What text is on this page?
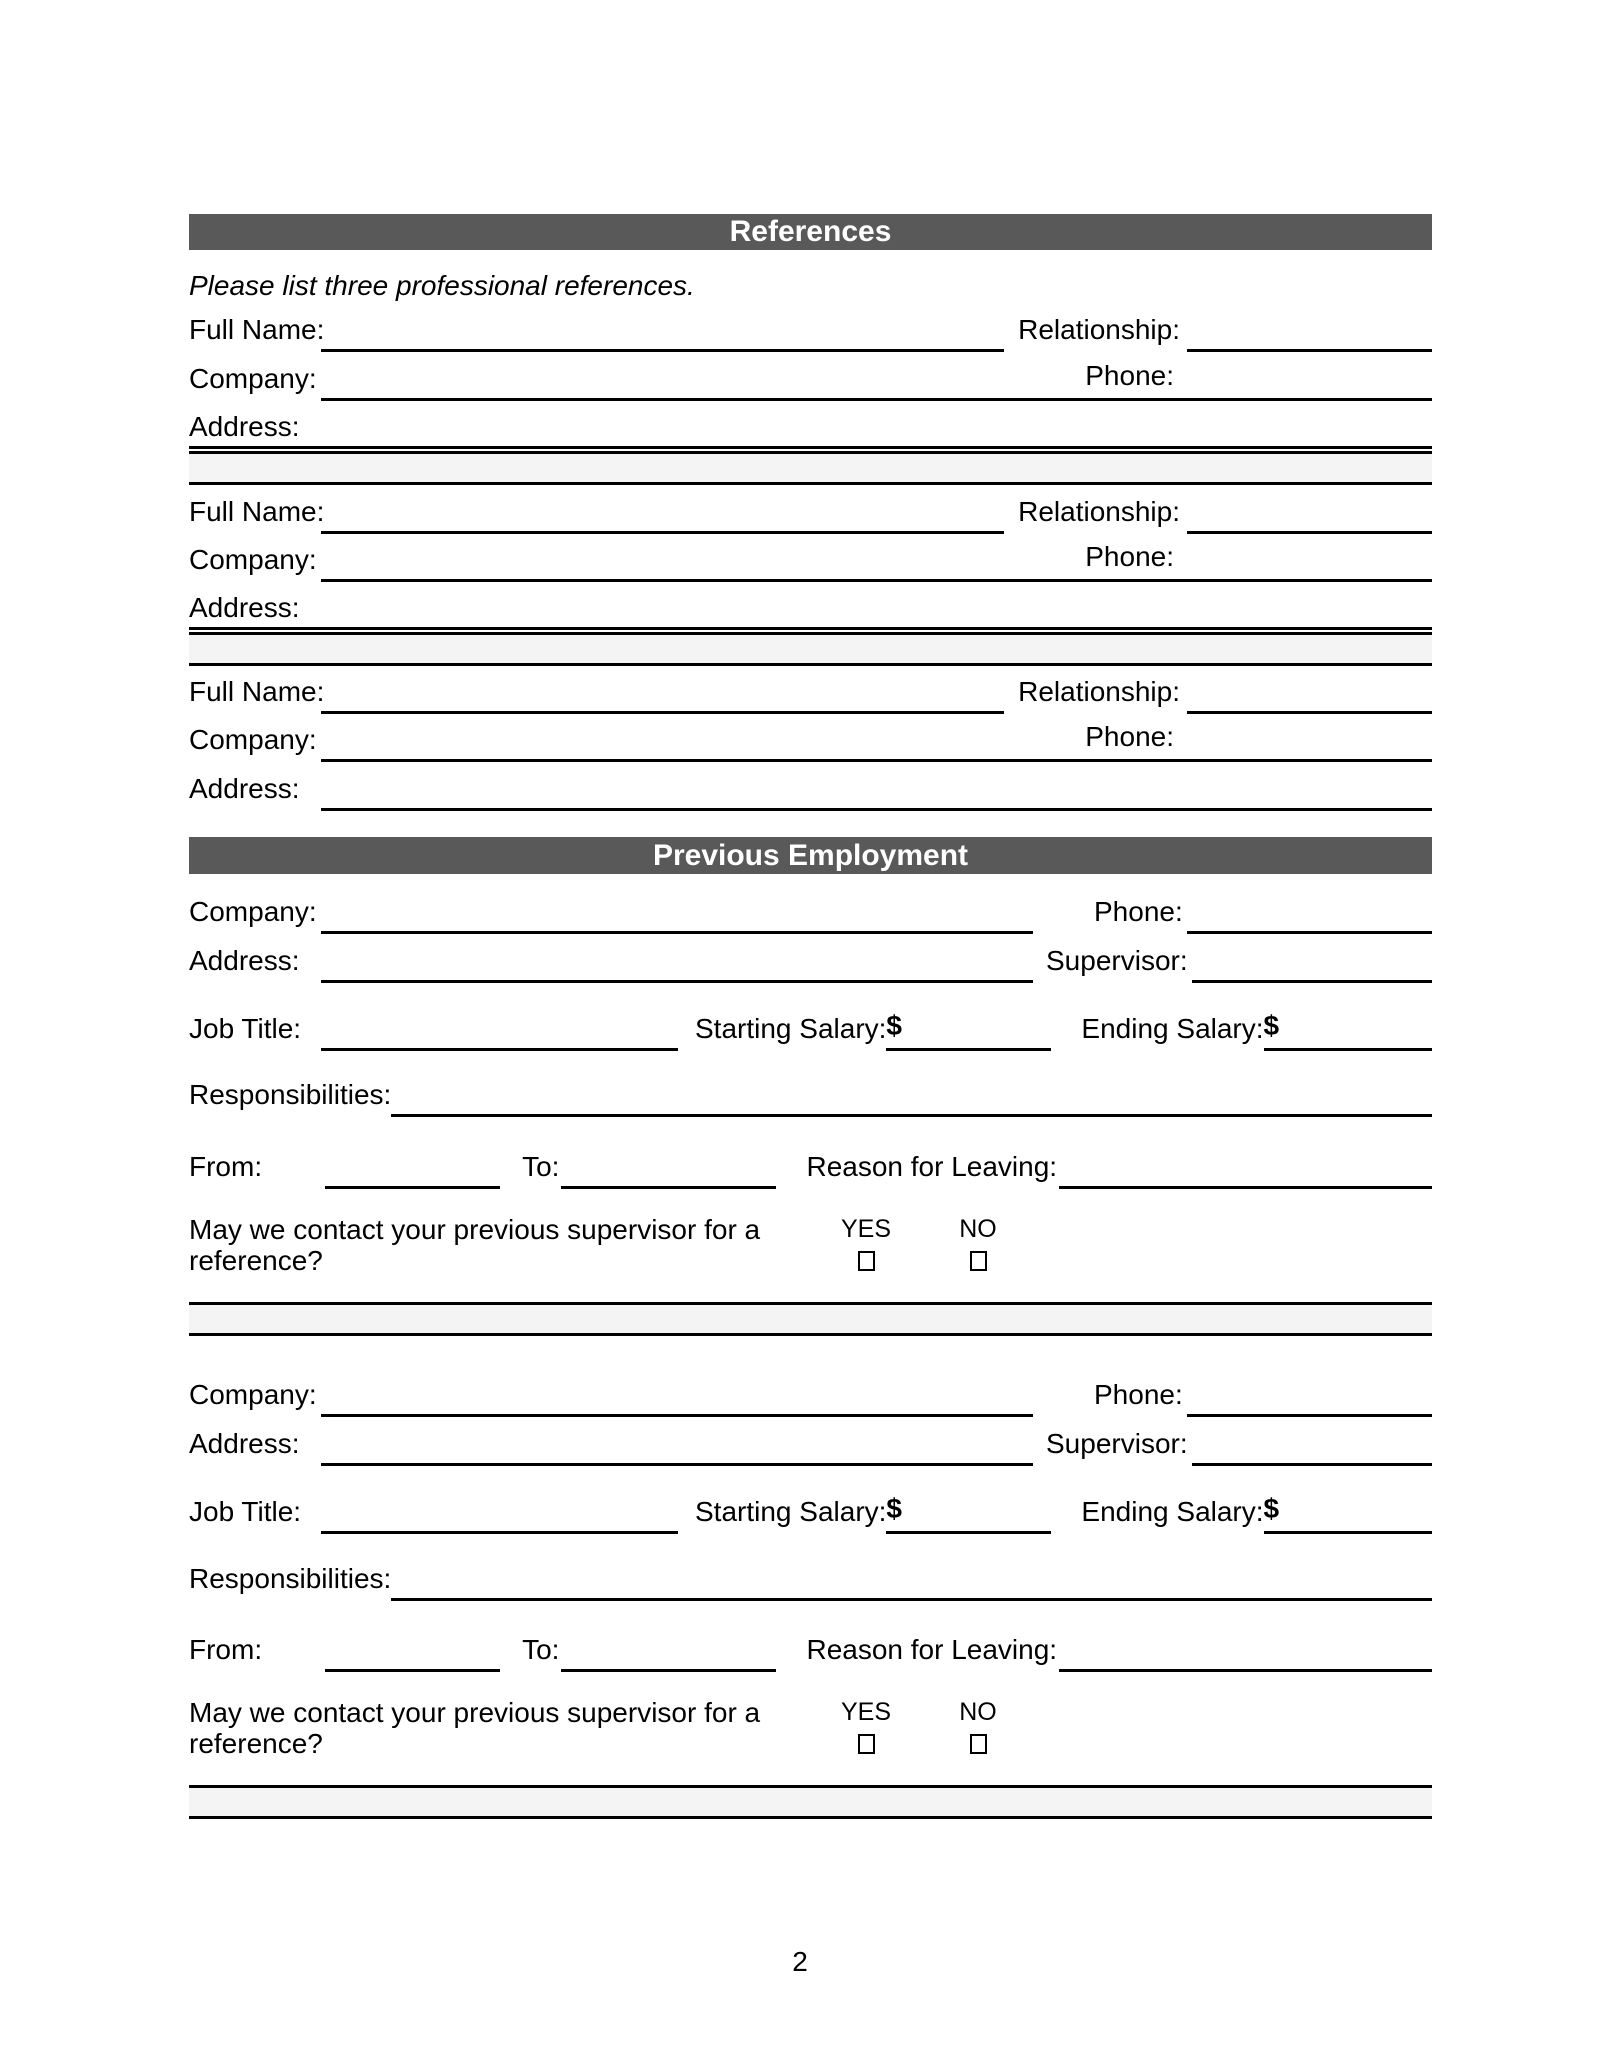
References
Please list three professional references.
Full Name:	Relationship:
Company:	Phone:
Address:
Full Name:	Relationship:
Company:	Phone:
Address:
Full Name:	Relationship:
Company:	Phone:
Address:
Previous Employment
Company:	Phone:
Address:	Supervisor:
Job Title:	Starting Salary: $	Ending Salary: $
Responsibilities:
From:	To:	Reason for Leaving:
May we contact your previous supervisor for a
reference?
YES	NO
Company:	Phone:
Address:	Supervisor:
Job Title:	Starting Salary: $	Ending Salary: $
Responsibilities:
From:	To:	Reason for Leaving:
May we contact your previous supervisor for a
reference?
YES	NO
2
